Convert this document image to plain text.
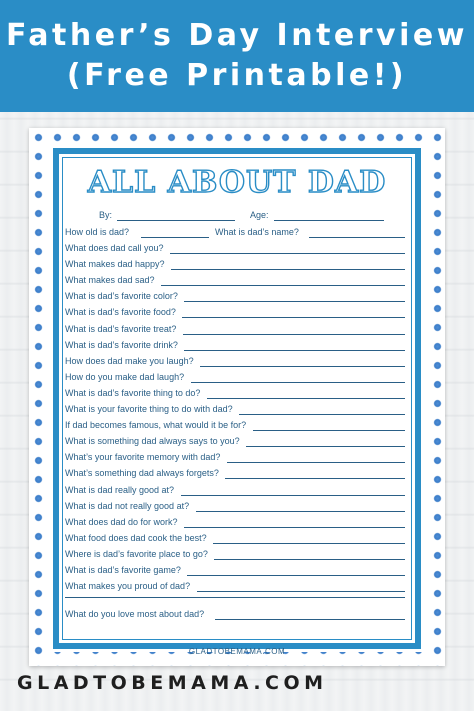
Father’s Day Interview
(Free Printable!)
ALL ABOUT DAD
By:	Age:
How old is dad?	What is dad’s name?
What do you love most about dad?
What does dad call you?
What makes dad happy?
What makes dad sad?
What is dad’s favorite color?
What is dad’s favorite food?
What is dad’s favorite treat?
What is dad’s favorite drink?
How does dad make you laugh?
How do you make dad laugh?
What is dad’s favorite thing to do?
What is your favorite thing to do with dad?
If dad becomes famous, what would it be for?
What is something dad always says to you?
What’s your favorite memory with dad?
What’s something dad always forgets?
What is dad really good at?
What is dad not really good at?
What does dad do for work?
What food does dad cook the best?
Where is dad’s favorite place to go?
What is dad’s favorite game?
What makes you proud of dad?
GLADTOBEMAMA.COM
GLADTOBEMAMA.COM
